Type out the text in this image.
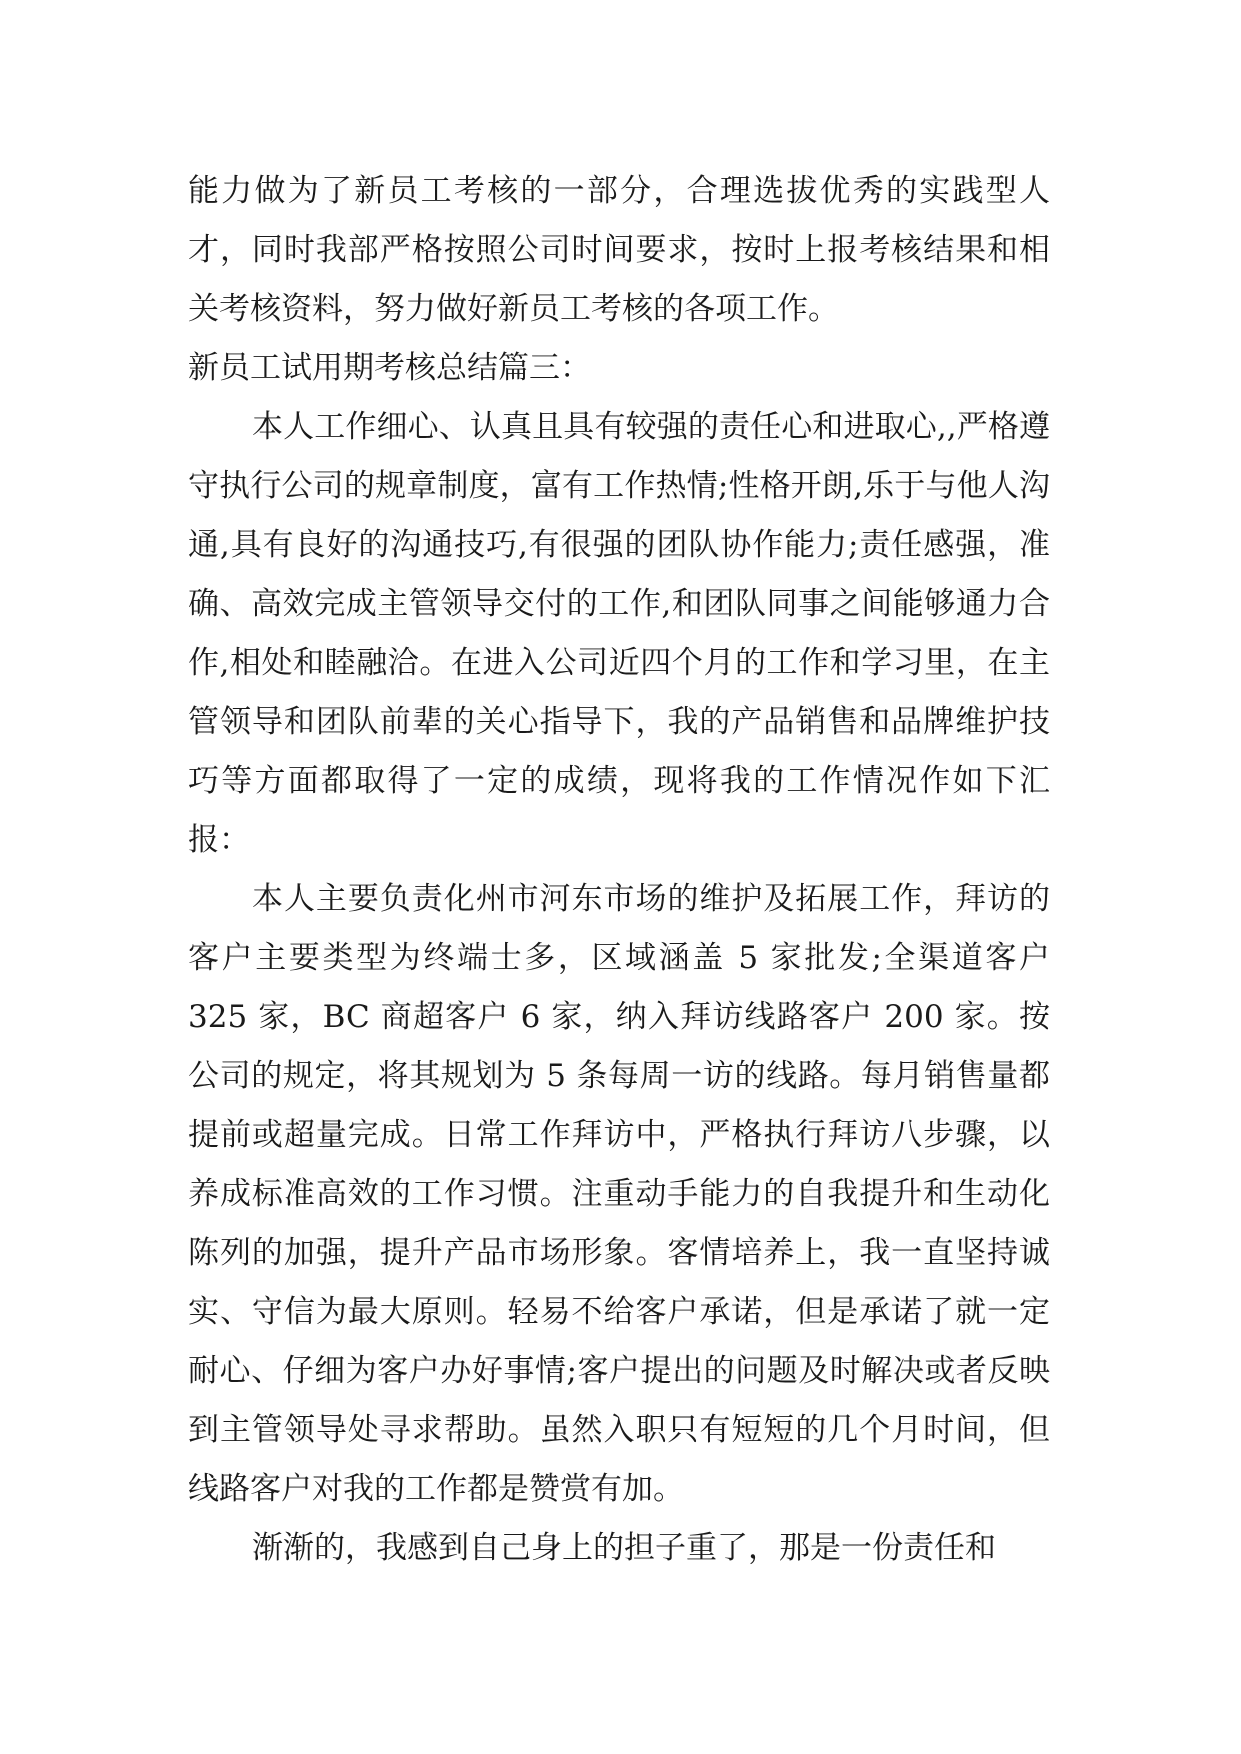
能力做为了新员工考核的一部分，合理选拔优秀的实践型人才，同时我部严格按照公司时间要求，按时上报考核结果和相关考核资料，努力做好新员工考核的各项工作。

新员工试用期考核总结篇三：

本人工作细心、认真且具有较强的责任心和进取心,,严格遵守执行公司的规章制度，富有工作热情;性格开朗,乐于与他人沟通,具有良好的沟通技巧,有很强的团队协作能力;责任感强，准确、高效完成主管领导交付的工作,和团队同事之间能够通力合作,相处和睦融洽。在进入公司近四个月的工作和学习里，在主管领导和团队前辈的关心指导下，我的产品销售和品牌维护技巧等方面都取得了一定的成绩，现将我的工作情况作如下汇报：

本人主要负责化州市河东市场的维护及拓展工作，拜访的客户主要类型为终端士多，区域涵盖 5 家批发;全渠道客户 325 家，BC 商超客户 6 家，纳入拜访线路客户 200 家。按公司的规定，将其规划为 5 条每周一访的线路。每月销售量都提前或超量完成。日常工作拜访中，严格执行拜访八步骤，以养成标准高效的工作习惯。注重动手能力的自我提升和生动化陈列的加强，提升产品市场形象。客情培养上，我一直坚持诚实、守信为最大原则。轻易不给客户承诺，但是承诺了就一定耐心、仔细为客户办好事情;客户提出的问题及时解决或者反映到主管领导处寻求帮助。虽然入职只有短短的几个月时间，但线路客户对我的工作都是赞赏有加。

渐渐的，我感到自己身上的担子重了，那是一份责任和
